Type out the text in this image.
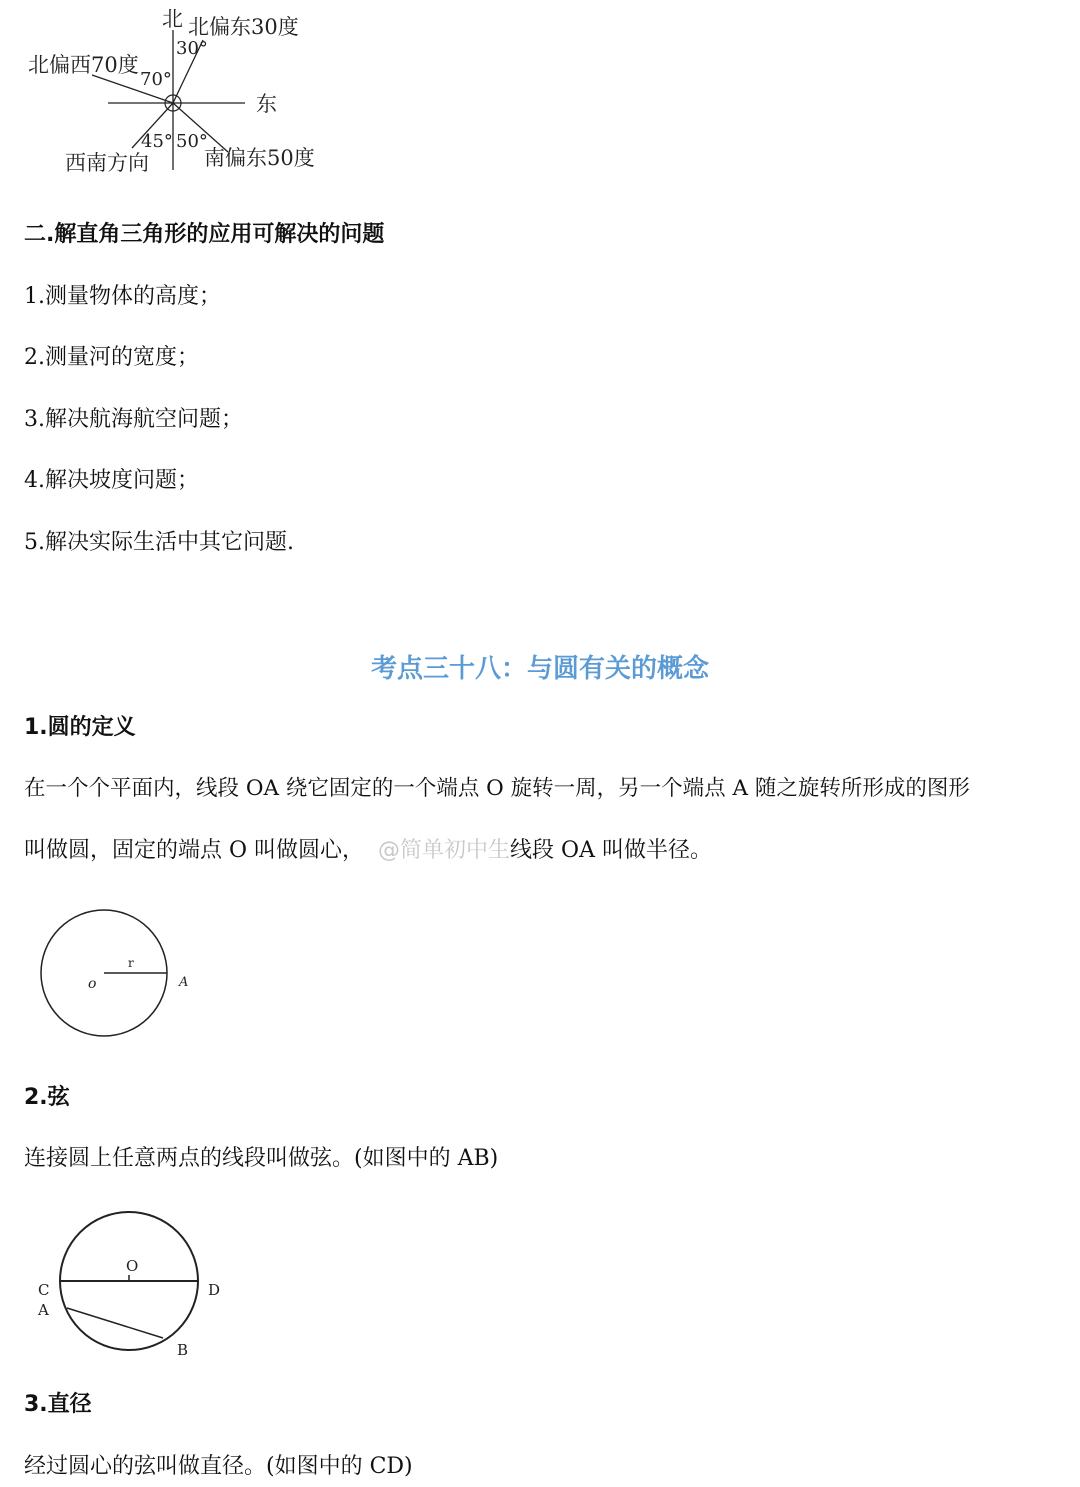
北 北偏东30度
30°
北偏西70度
70°
东
45° 50°
西南方向	南偏东50度
二.解直角三角形的应用可解决的问题
1.测量物体的高度；
2.测量河的宽度；
3.解决航海航空问题；
4.解决坡度问题；
5.解决实际生活中其它问题.
考点三十八：与圆有关的概念
1.圆的定义
在一个个平面内，线段 OA 绕它固定的一个端点 O 旋转一周，另一个端点 A 随之旋转所形成的图形
叫做圆，固定的端点 O 叫做圆心， @简单初中生线段 OA 叫做半径。
o
r
A
2.弦
连接圆上任意两点的线段叫做弦。(如图中的 AB)
O
C	D
A
B
3.直径
经过圆心的弦叫做直径。(如图中的 CD)
